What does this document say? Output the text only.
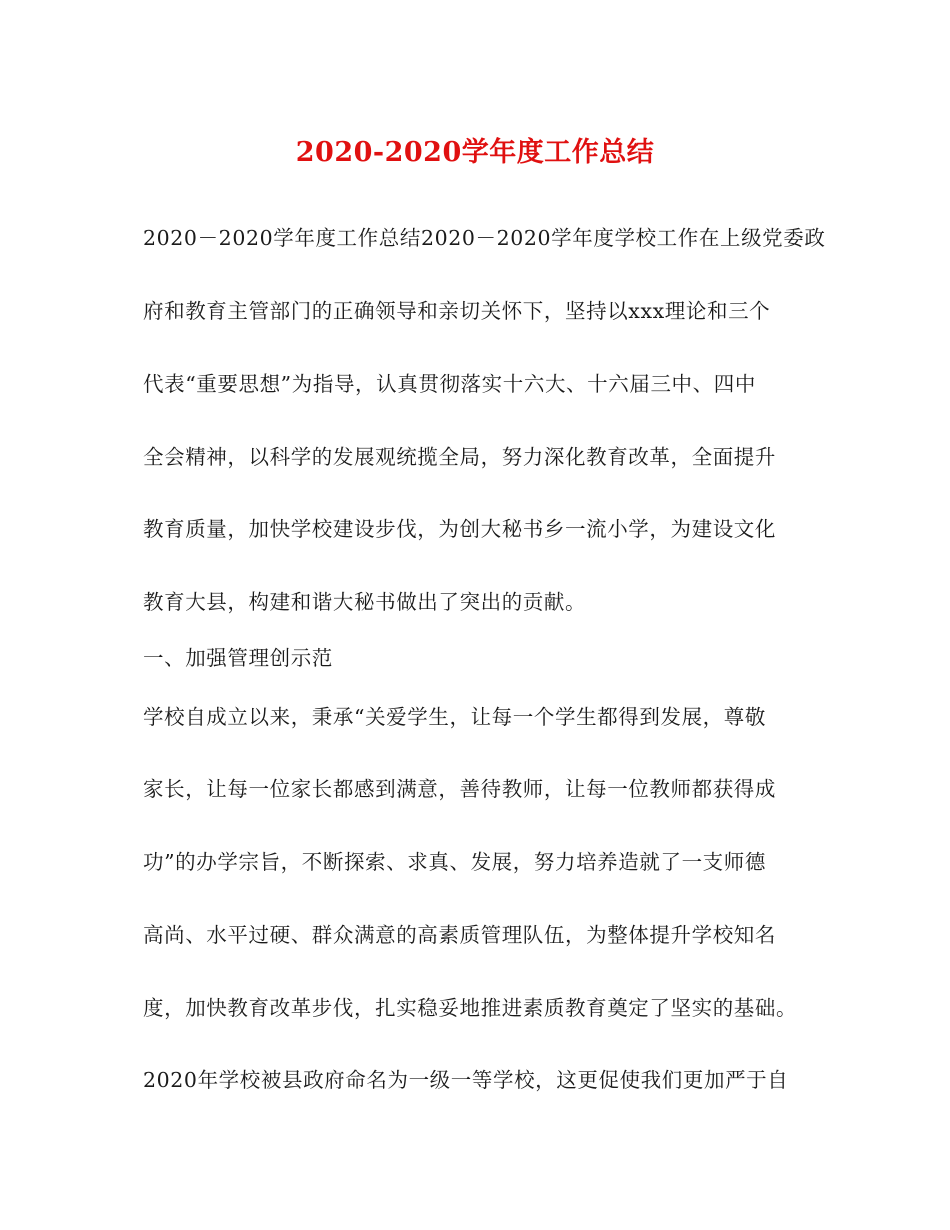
2020-2020学年度工作总结
2020－2020学年度工作总结2020－2020学年度学校工作在上级党委政
府和教育主管部门的正确领导和亲切关怀下，坚持以xxx理论和三个
代表“重要思想”为指导，认真贯彻落实十六大、十六届三中、四中
全会精神，以科学的发展观统揽全局，努力深化教育改革，全面提升
教育质量，加快学校建设步伐，为创大秘书乡一流小学，为建设文化
教育大县，构建和谐大秘书做出了突出的贡献。
一、加强管理创示范
学校自成立以来，秉承“关爱学生，让每一个学生都得到发展，尊敬
家长，让每一位家长都感到满意，善待教师，让每一位教师都获得成
功”的办学宗旨，不断探索、求真、发展，努力培养造就了一支师德
高尚、水平过硬、群众满意的高素质管理队伍，为整体提升学校知名
度，加快教育改革步伐，扎实稳妥地推进素质教育奠定了坚实的基础。
2020年学校被县政府命名为一级一等学校，这更促使我们更加严于自
